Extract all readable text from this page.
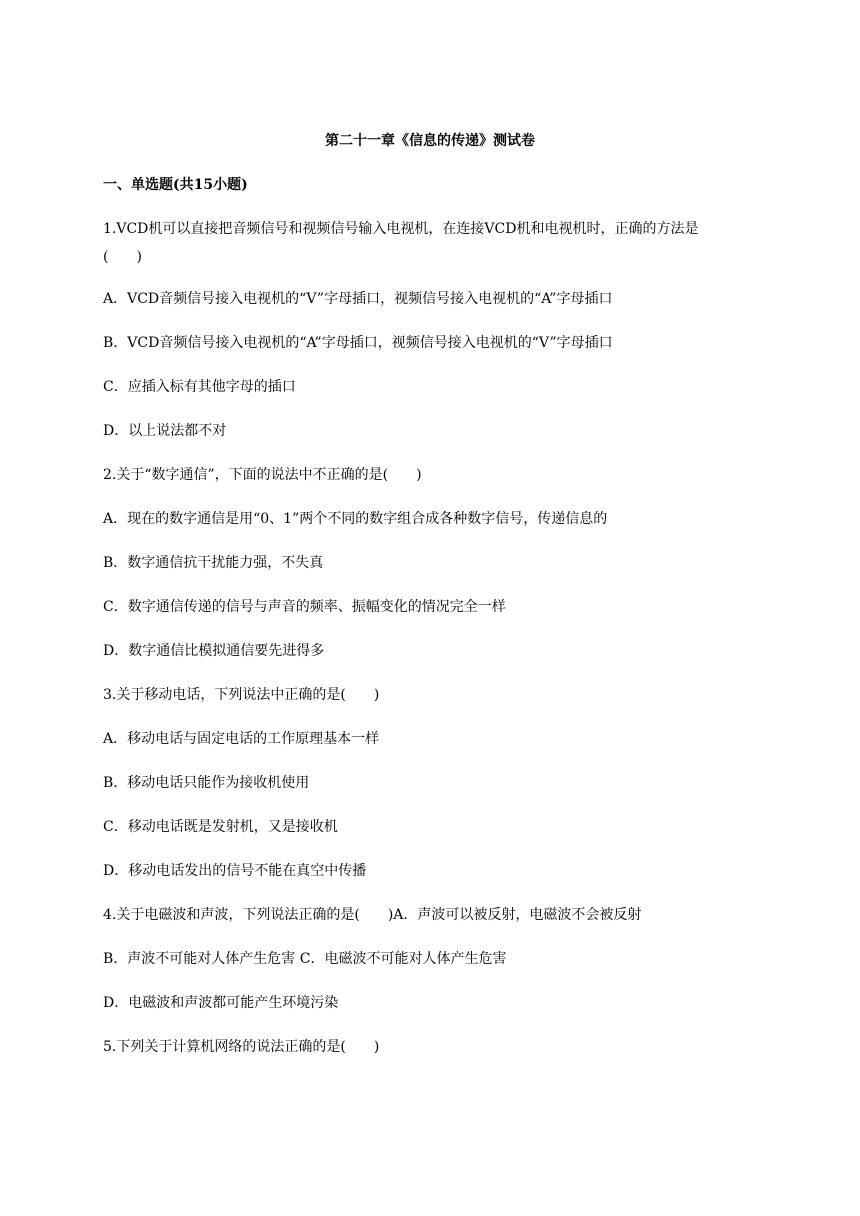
第二十一章《信息的传递》测试卷
一、单选题(共15小题)
1.VCD机可以直接把音频信号和视频信号输入电视机，在连接VCD机和电视机时，正确的方法是
(　　)
A．VCD音频信号接入电视机的“V”字母插口，视频信号接入电视机的“A”字母插口
B．VCD音频信号接入电视机的“A”字母插口，视频信号接入电视机的“V”字母插口
C．应插入标有其他字母的插口
D．以上说法都不对
2.关于“数字通信”，下面的说法中不正确的是(　　)
A．现在的数字通信是用“0、1”两个不同的数字组合成各种数字信号，传递信息的
B．数字通信抗干扰能力强，不失真
C．数字通信传递的信号与声音的频率、振幅变化的情况完全一样
D．数字通信比模拟通信要先进得多
3.关于移动电话，下列说法中正确的是(　　)
A．移动电话与固定电话的工作原理基本一样
B．移动电话只能作为接收机使用
C．移动电话既是发射机，又是接收机
D．移动电话发出的信号不能在真空中传播
4.关于电磁波和声波，下列说法正确的是(　　)A．声波可以被反射，电磁波不会被反射
B．声波不可能对人体产生危害 C．电磁波不可能对人体产生危害
D．电磁波和声波都可能产生环境污染
5.下列关于计算机网络的说法正确的是(　　)
